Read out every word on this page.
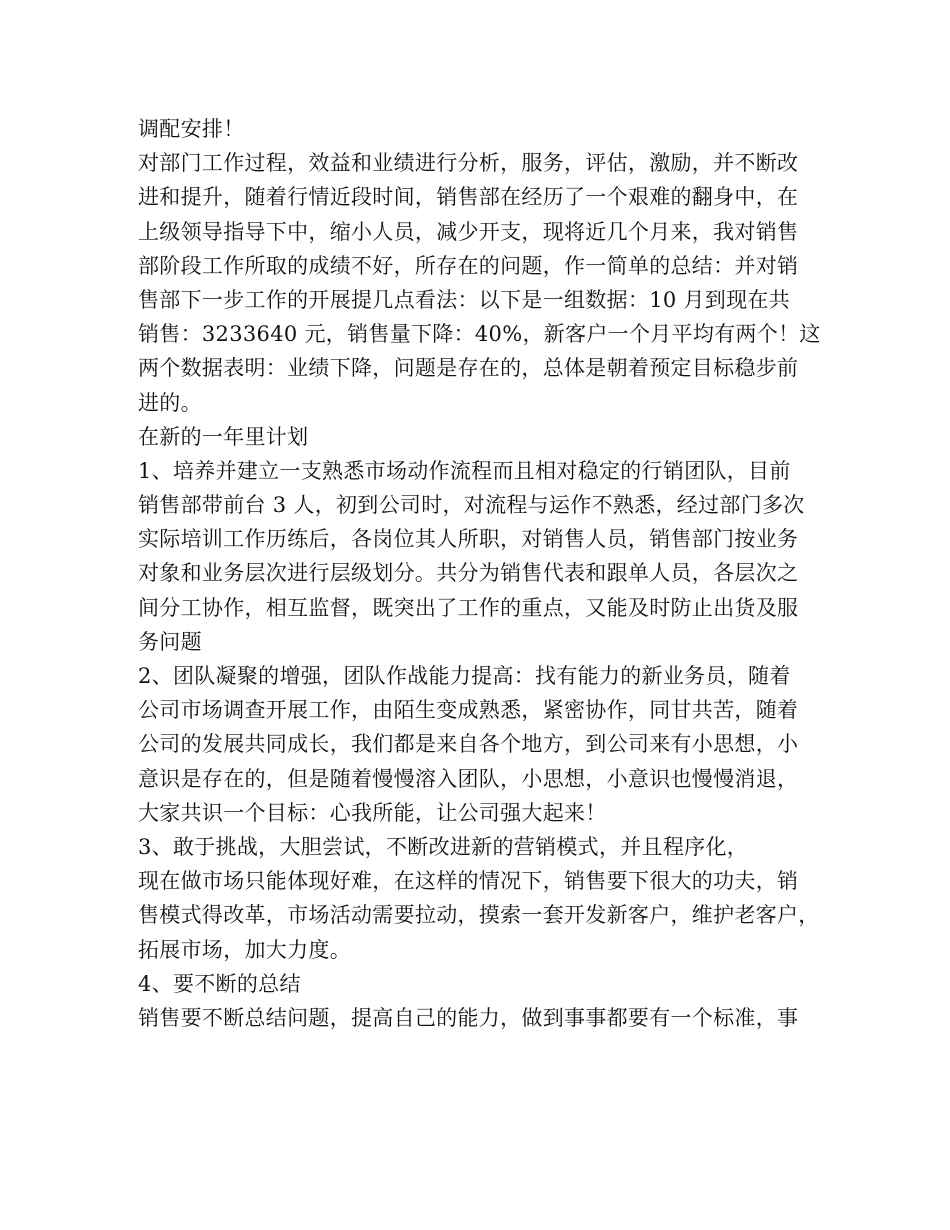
调配安排！
对部门工作过程，效益和业绩进行分析，服务，评估，激励，并不断改
进和提升，随着行情近段时间，销售部在经历了一个艰难的翻身中，在
上级领导指导下中，缩小人员，减少开支，现将近几个月来，我对销售
部阶段工作所取的成绩不好，所存在的问题，作一简单的总结：并对销
售部下一步工作的开展提几点看法：以下是一组数据：10 月到现在共
销售：3233640 元，销售量下降：40%，新客户一个月平均有两个！这
两个数据表明：业绩下降，问题是存在的，总体是朝着预定目标稳步前
进的。
在新的一年里计划
1、培养并建立一支熟悉市场动作流程而且相对稳定的行销团队，目前
销售部带前台 3 人，初到公司时，对流程与运作不熟悉，经过部门多次
实际培训工作历练后，各岗位其人所职，对销售人员，销售部门按业务
对象和业务层次进行层级划分。共分为销售代表和跟单人员，各层次之
间分工协作，相互监督，既突出了工作的重点，又能及时防止出货及服
务问题
2、团队凝聚的增强，团队作战能力提高：找有能力的新业务员，随着
公司市场调查开展工作，由陌生变成熟悉，紧密协作，同甘共苦，随着
公司的发展共同成长，我们都是来自各个地方，到公司来有小思想，小
意识是存在的，但是随着慢慢溶入团队，小思想，小意识也慢慢消退，
大家共识一个目标：心我所能，让公司强大起来！
3、敢于挑战，大胆尝试，不断改进新的营销模式，并且程序化，
现在做市场只能体现好难，在这样的情况下，销售要下很大的功夫，销
售模式得改革，市场活动需要拉动，摸索一套开发新客户，维护老客户，
拓展市场，加大力度。
4、要不断的总结
销售要不断总结问题，提高自己的能力，做到事事都要有一个标准，事
